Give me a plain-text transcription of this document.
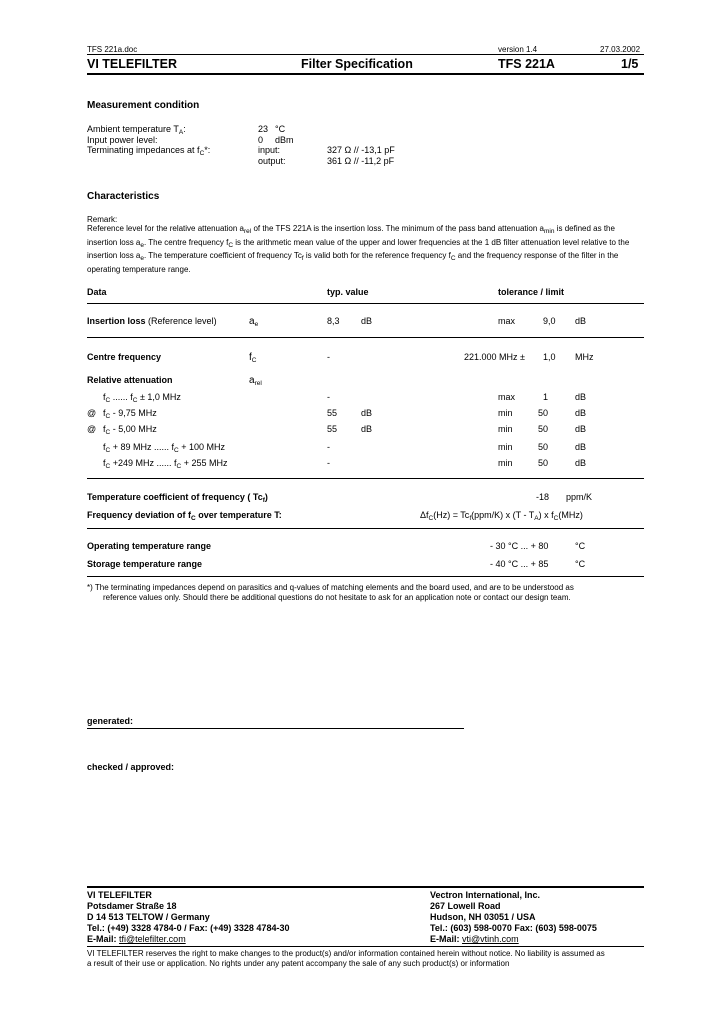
TFS 221a.doc	version 1.4	27.03.2002
VI TELEFILTER	Filter Specification	TFS 221A	1/5
Measurement condition
Ambient temperature $T_A$:	23 °C
Input power level:	0 dBm
Terminating impedances at $f_C*$:	input:	327 Ω // -13,1 pF
output:	361 Ω // -11,2 pF
Characteristics
Remark:
Reference level for the relative attenuation $a_{rel}$ of the TFS 221A is the insertion loss. The minimum of the pass band attenuation $a_{min}$ is defined as the insertion loss $a_e$. The centre frequency $f_C$ is the arithmetic mean value of the upper and lower frequencies at the 1 dB filter attenuation level relative to the insertion loss $a_e$. The temperature coefficient of frequency $Tc_f$ is valid both for the reference frequency $f_C$ and the frequency response of the filter in the operating temperature range.
Data	typ. value	tolerance / limit
Insertion loss (Reference level)	$a_e$	8,3 dB	max	9,0 dB
Centre frequency	$f_C$	-	221.000 MHz ± 1,0 MHz
Relative attenuation	$a_{rel}$
$f_C$ ...... $f_C \pm 1,0$ MHz	-	max	1	dB
@ $f_C - 9,75$ MHz	55	dB	min	50	dB
@ $f_C - 5,00$ MHz	55	dB	min	50	dB
$f_C + 89$ MHz ...... $f_C + 100$ MHz	-	min	50	dB
$f_C +249$ MHz ...... $f_C + 255$ MHz	-	min	50	dB
Temperature coefficient of frequency ( $Tc_f$)	-18 ppm/K
Frequency deviation of $f_C$ over temperature T:	$\Delta f_C(Hz) = Tc_f(ppm/K)$ x $(T - T_A)$ x $f_C(MHz)$
Operating temperature range	- 30 °C ... + 80	°C
Storage temperature range	- 40 °C ... + 85	°C
*) The terminating impedances depend on parasitics and q-values of matching elements and the board used, and are to be understood as
reference values only. Should there be additional questions do not hesitate to ask for an application note or contact our design team.
generated:
checked / approved:
VI TELEFILTER
Potsdamer Straße 18
D 14 513 TELTOW / Germany
Tel.: (+49) 3328 4784-0 / Fax: (+49) 3328 4784-30
E-Mail: tfi@telefilter.com
Vectron International, Inc.
267 Lowell Road
Hudson, NH 03051 / USA
Tel.: (603) 598-0070 Fax: (603) 598-0075
E-Mail: vti@vtinh.com
VI TELEFILTER reserves the right to make changes to the product(s) and/or information contained herein without notice. No liability is assumed as
a result of their use or application. No rights under any patent accompany the sale of any such product(s) or information
